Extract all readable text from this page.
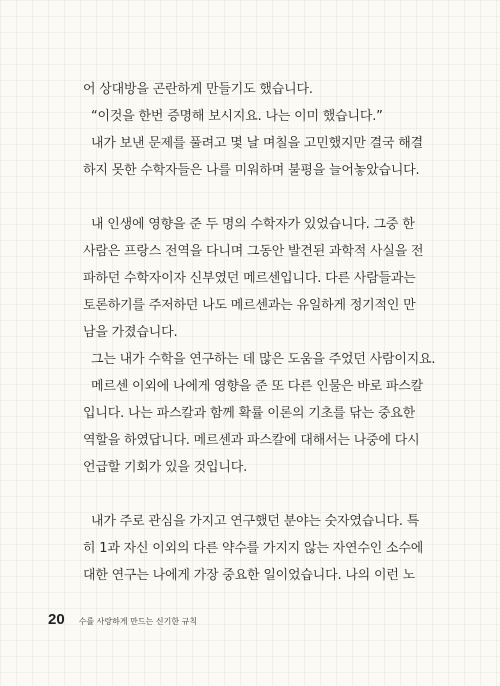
어 상대방을 곤란하게 만들기도 했습니다.
“이것을 한번 증명해 보시지요. 나는 이미 했습니다.”
내가 보낸 문제를 풀려고 몇 날 며칠을 고민했지만 결국 해결
하지 못한 수학자들은 나를 미워하며 불평을 늘어놓았습니다.
내 인생에 영향을 준 두 명의 수학자가 있었습니다. 그중 한
사람은 프랑스 전역을 다니며 그동안 발견된 과학적 사실을 전
파하던 수학자이자 신부였던 메르센입니다. 다른 사람들과는
토론하기를 주저하던 나도 메르센과는 유일하게 정기적인 만
남을 가졌습니다.
그는 내가 수학을 연구하는 데 많은 도움을 주었던 사람이지요.
메르센 이외에 나에게 영향을 준 또 다른 인물은 바로 파스칼
입니다. 나는 파스칼과 함께 확률 이론의 기초를 닦는 중요한
역할을 하였답니다. 메르센과 파스칼에 대해서는 나중에 다시
언급할 기회가 있을 것입니다.
내가 주로 관심을 가지고 연구했던 분야는 숫자였습니다. 특
히 1과 자신 이외의 다른 약수를 가지지 않는 자연수인 소수에
대한 연구는 나에게 가장 중요한 일이었습니다. 나의 이런 노
20 수를 사랑하게 만드는 신기한 규칙
